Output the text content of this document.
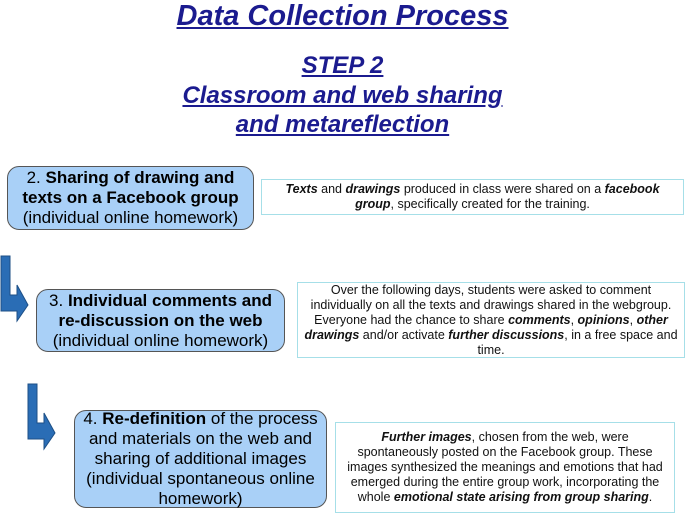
Data Collection Process
STEP 2
Classroom and web sharing
and metareflection
2. Sharing of drawing and texts on a Facebook group
(individual online homework)
Texts and drawings produced in class were shared on a facebook group, specifically created for the training.
3. Individual comments and re-discussion on the web
(individual online homework)
Over the following days, students were asked to comment individually on all the texts and drawings shared in the webgroup. Everyone had the chance to share comments, opinions, other drawings and/or activate further discussions, in a free space and time.
4. Re-definition of the process and materials on the web and sharing of additional images
(individual spontaneous online homework)
Further images, chosen from the web, were spontaneously posted on the Facebook group. These images synthesized the meanings and emotions that had emerged during the entire group work, incorporating the whole emotional state arising from group sharing.
